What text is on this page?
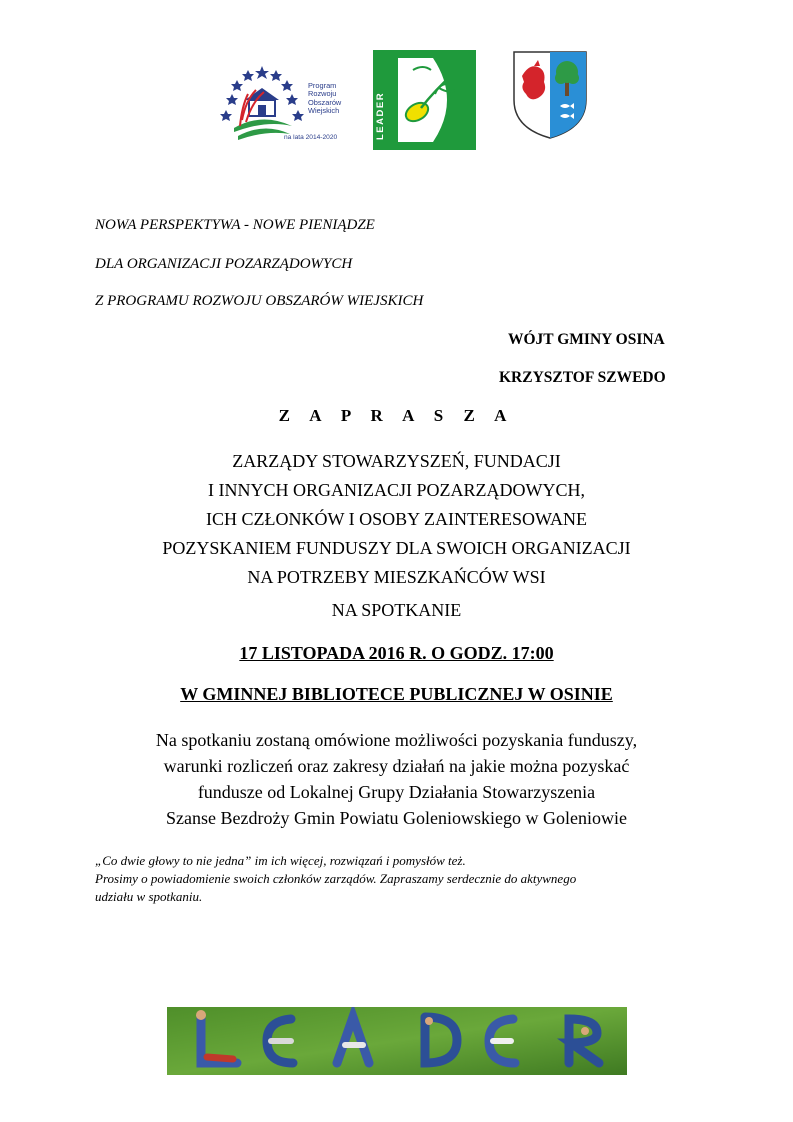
Program
Rozwoju
Obszarów
Wiejskich
na lata 2014-2020
NOWA PERSPEKTYWA - NOWE PIENIĄDZE
DLA ORGANIZACJI POZARZĄDOWYCH
Z PROGRAMU ROZWOJU OBSZARÓW WIEJSKICH
WÓJT GMINY OSINA
KRZYSZTOF SZWEDO
Z A P R A S Z A
ZARZĄDY STOWARZYSZEŃ, FUNDACJI
I INNYCH ORGANIZACJI POZARZĄDOWYCH,
ICH CZŁONKÓW I OSOBY ZAINTERESOWANE
POZYSKANIEM FUNDUSZY DLA SWOICH ORGANIZACJI
NA POTRZEBY MIESZKAŃCÓW WSI
NA SPOTKANIE
17 LISTOPADA 2016 R. O GODZ. 17:00
W GMINNEJ BIBLIOTECE PUBLICZNEJ W OSINIE
Na spotkaniu zostaną omówione możliwości pozyskania funduszy,
warunki rozliczeń oraz zakresy działań na jakie można pozyskać
fundusze od Lokalnej Grupy Działania Stowarzyszenia
Szanse Bezdroży Gmin Powiatu Goleniowskiego w Goleniowie
„Co dwie głowy to nie jedna” im ich więcej, rozwiązań i pomysłów też.
Prosimy o powiadomienie swoich członków zarządów. Zapraszamy serdecznie do aktywnego
udziału w spotkaniu.
